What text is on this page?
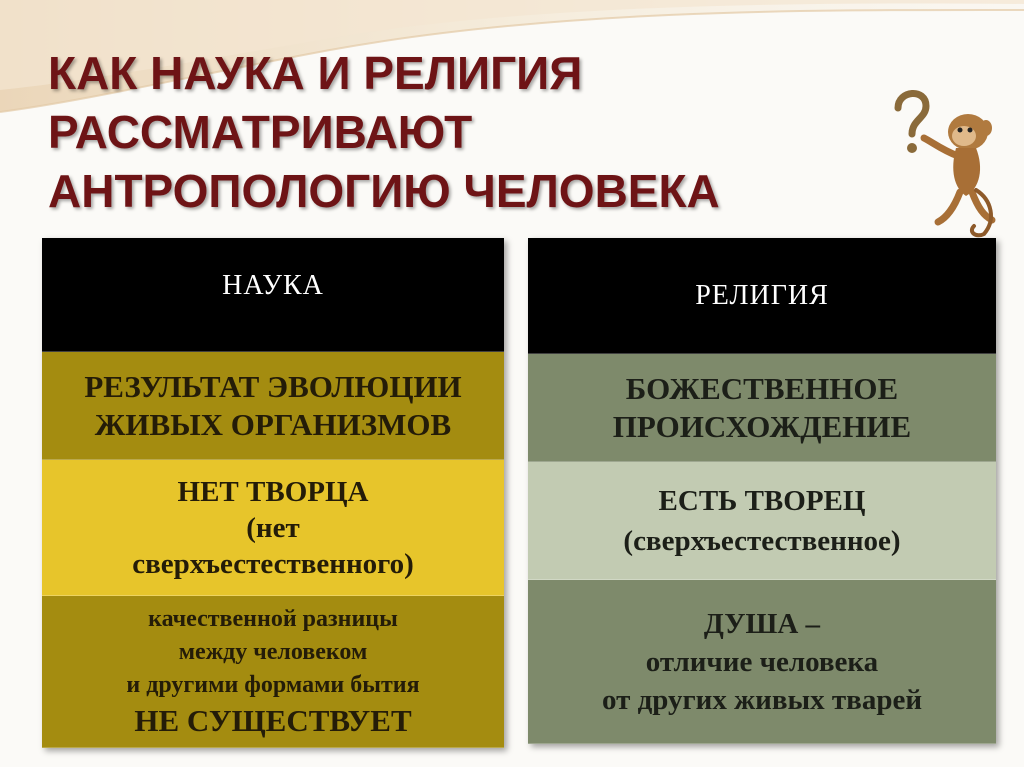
КАК НАУКА И РЕЛИГИЯ
РАССМАТРИВАЮТ
АНТРОПОЛОГИЮ ЧЕЛОВЕКА
НАУКА
РЕЗУЛЬТАТ ЭВОЛЮЦИИ
ЖИВЫХ ОРГАНИЗМОВ
НЕТ ТВОРЦА
(нет
сверхъестественного)
качественной разницы
между человеком
и другими формами бытия
НЕ СУЩЕСТВУЕТ
РЕЛИГИЯ
БОЖЕСТВЕННОЕ
ПРОИСХОЖДЕНИЕ
ЕСТЬ ТВОРЕЦ
(сверхъестественное)
ДУША –
отличие человека
от других живых тварей
